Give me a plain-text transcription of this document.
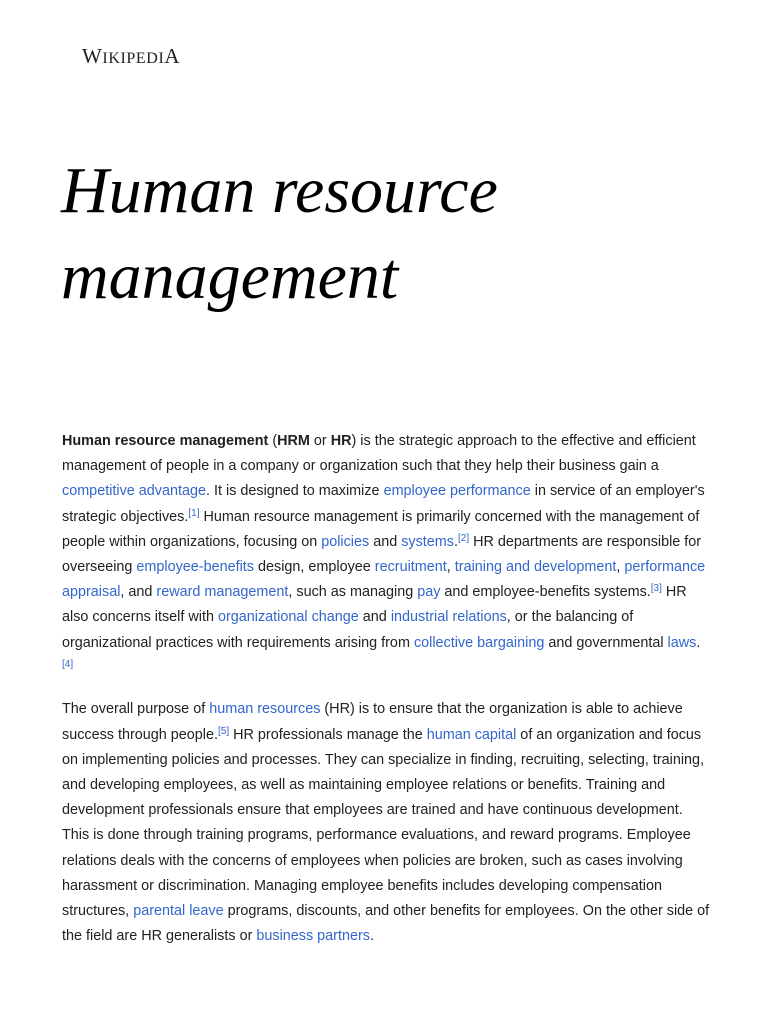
WIKIPEDIA
Human resource management

Human resource management (HRM or HR) is the strategic approach to the effective and efficient management of people in a company or organization such that they help their business gain a competitive advantage. It is designed to maximize employee performance in service of an employer's strategic objectives.[1] Human resource management is primarily concerned with the management of people within organizations, focusing on policies and systems.[2] HR departments are responsible for overseeing employee-benefits design, employee recruitment, training and development, performance appraisal, and reward management, such as managing pay and employee-benefits systems.[3] HR also concerns itself with organizational change and industrial relations, or the balancing of organizational practices with requirements arising from collective bargaining and governmental laws.[4]

The overall purpose of human resources (HR) is to ensure that the organization is able to achieve success through people.[5] HR professionals manage the human capital of an organization and focus on implementing policies and processes. They can specialize in finding, recruiting, selecting, training, and developing employees, as well as maintaining employee relations or benefits. Training and development professionals ensure that employees are trained and have continuous development. This is done through training programs, performance evaluations, and reward programs. Employee relations deals with the concerns of employees when policies are broken, such as cases involving harassment or discrimination. Managing employee benefits includes developing compensation structures, parental leave programs, discounts, and other benefits for employees. On the other side of the field are HR generalists or business partners.
